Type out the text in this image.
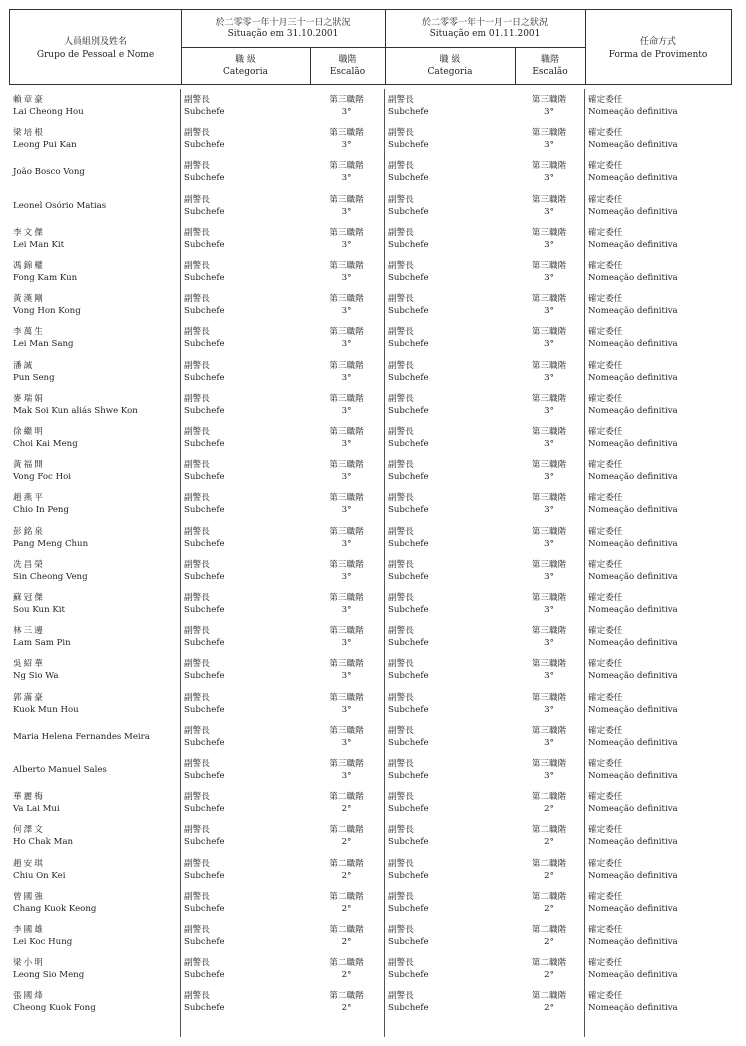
人員組別及姓名
Grupo de Pessoal e Nome
於二零零一年十月三十一日之狀況
Situação em 31.10.2001
職 級
Categoria
職階
Escalão
於二零零一年十一月一日之狀況
Situação em 01.11.2001
職 級
Categoria
職階
Escalão
任命方式
Forma de Provimento
賴章豪
Lai Cheong Hou
副警長
Subchefe
第三職階
3°
副警長
Subchefe
第三職階
3°
確定委任
Nomeação definitiva
梁培根
Leong Pui Kan
副警長
Subchefe
第三職階
3°
副警長
Subchefe
第三職階
3°
確定委任
Nomeação definitiva
João Bosco Vong
副警長
Subchefe
第三職階
3°
副警長
Subchefe
第三職階
3°
確定委任
Nomeação definitiva
Leonel Osório Matias
副警長
Subchefe
第三職階
3°
副警長
Subchefe
第三職階
3°
確定委任
Nomeação definitiva
李文傑
Lei Man Kit
副警長
Subchefe
第三職階
3°
副警長
Subchefe
第三職階
3°
確定委任
Nomeação definitiva
馮錦權
Fong Kam Kun
副警長
Subchefe
第三職階
3°
副警長
Subchefe
第三職階
3°
確定委任
Nomeação definitiva
黃漢剛
Vong Hon Kong
副警長
Subchefe
第三職階
3°
副警長
Subchefe
第三職階
3°
確定委任
Nomeação definitiva
李萬生
Lei Man Sang
副警長
Subchefe
第三職階
3°
副警長
Subchefe
第三職階
3°
確定委任
Nomeação definitiva
潘誠
Pun Seng
副警長
Subchefe
第三職階
3°
副警長
Subchefe
第三職階
3°
確定委任
Nomeação definitiva
麥瑞娟
Mak Soi Kun aliás Shwe Kon
副警長
Subchefe
第三職階
3°
副警長
Subchefe
第三職階
3°
確定委任
Nomeação definitiva
徐繼明
Choi Kai Meng
副警長
Subchefe
第三職階
3°
副警長
Subchefe
第三職階
3°
確定委任
Nomeação definitiva
黃福開
Vong Foc Hoi
副警長
Subchefe
第三職階
3°
副警長
Subchefe
第三職階
3°
確定委任
Nomeação definitiva
趙燕平
Chio In Peng
副警長
Subchefe
第三職階
3°
副警長
Subchefe
第三職階
3°
確定委任
Nomeação definitiva
彭銘泉
Pang Meng Chun
副警長
Subchefe
第三職階
3°
副警長
Subchefe
第三職階
3°
確定委任
Nomeação definitiva
冼昌榮
Sin Cheong Veng
副警長
Subchefe
第三職階
3°
副警長
Subchefe
第三職階
3°
確定委任
Nomeação definitiva
蘇冠傑
Sou Kun Kit
副警長
Subchefe
第三職階
3°
副警長
Subchefe
第三職階
3°
確定委任
Nomeação definitiva
林三邊
Lam Sam Pin
副警長
Subchefe
第三職階
3°
副警長
Subchefe
第三職階
3°
確定委任
Nomeação definitiva
吳紹華
Ng Sio Wa
副警長
Subchefe
第三職階
3°
副警長
Subchefe
第三職階
3°
確定委任
Nomeação definitiva
郭滿豪
Kuok Mun Hou
副警長
Subchefe
第三職階
3°
副警長
Subchefe
第三職階
3°
確定委任
Nomeação definitiva
Maria Helena Fernandes Meira
副警長
Subchefe
第三職階
3°
副警長
Subchefe
第三職階
3°
確定委任
Nomeação definitiva
Alberto Manuel Sales
副警長
Subchefe
第三職階
3°
副警長
Subchefe
第三職階
3°
確定委任
Nomeação definitiva
華麗梅
Va Lai Mui
副警長
Subchefe
第二職階
2°
副警長
Subchefe
第二職階
2°
確定委任
Nomeação definitiva
何澤文
Ho Chak Man
副警長
Subchefe
第二職階
2°
副警長
Subchefe
第二職階
2°
確定委任
Nomeação definitiva
趙安琪
Chiu On Kei
副警長
Subchefe
第二職階
2°
副警長
Subchefe
第二職階
2°
確定委任
Nomeação definitiva
曾國強
Chang Kuok Keong
副警長
Subchefe
第二職階
2°
副警長
Subchefe
第二職階
2°
確定委任
Nomeação definitiva
李國雄
Lei Koc Hung
副警長
Subchefe
第二職階
2°
副警長
Subchefe
第二職階
2°
確定委任
Nomeação definitiva
梁小明
Leong Sio Meng
副警長
Subchefe
第二職階
2°
副警長
Subchefe
第二職階
2°
確定委任
Nomeação definitiva
張國烽
Cheong Kuok Fong
副警長
Subchefe
第二職階
2°
副警長
Subchefe
第二職階
2°
確定委任
Nomeação definitiva
